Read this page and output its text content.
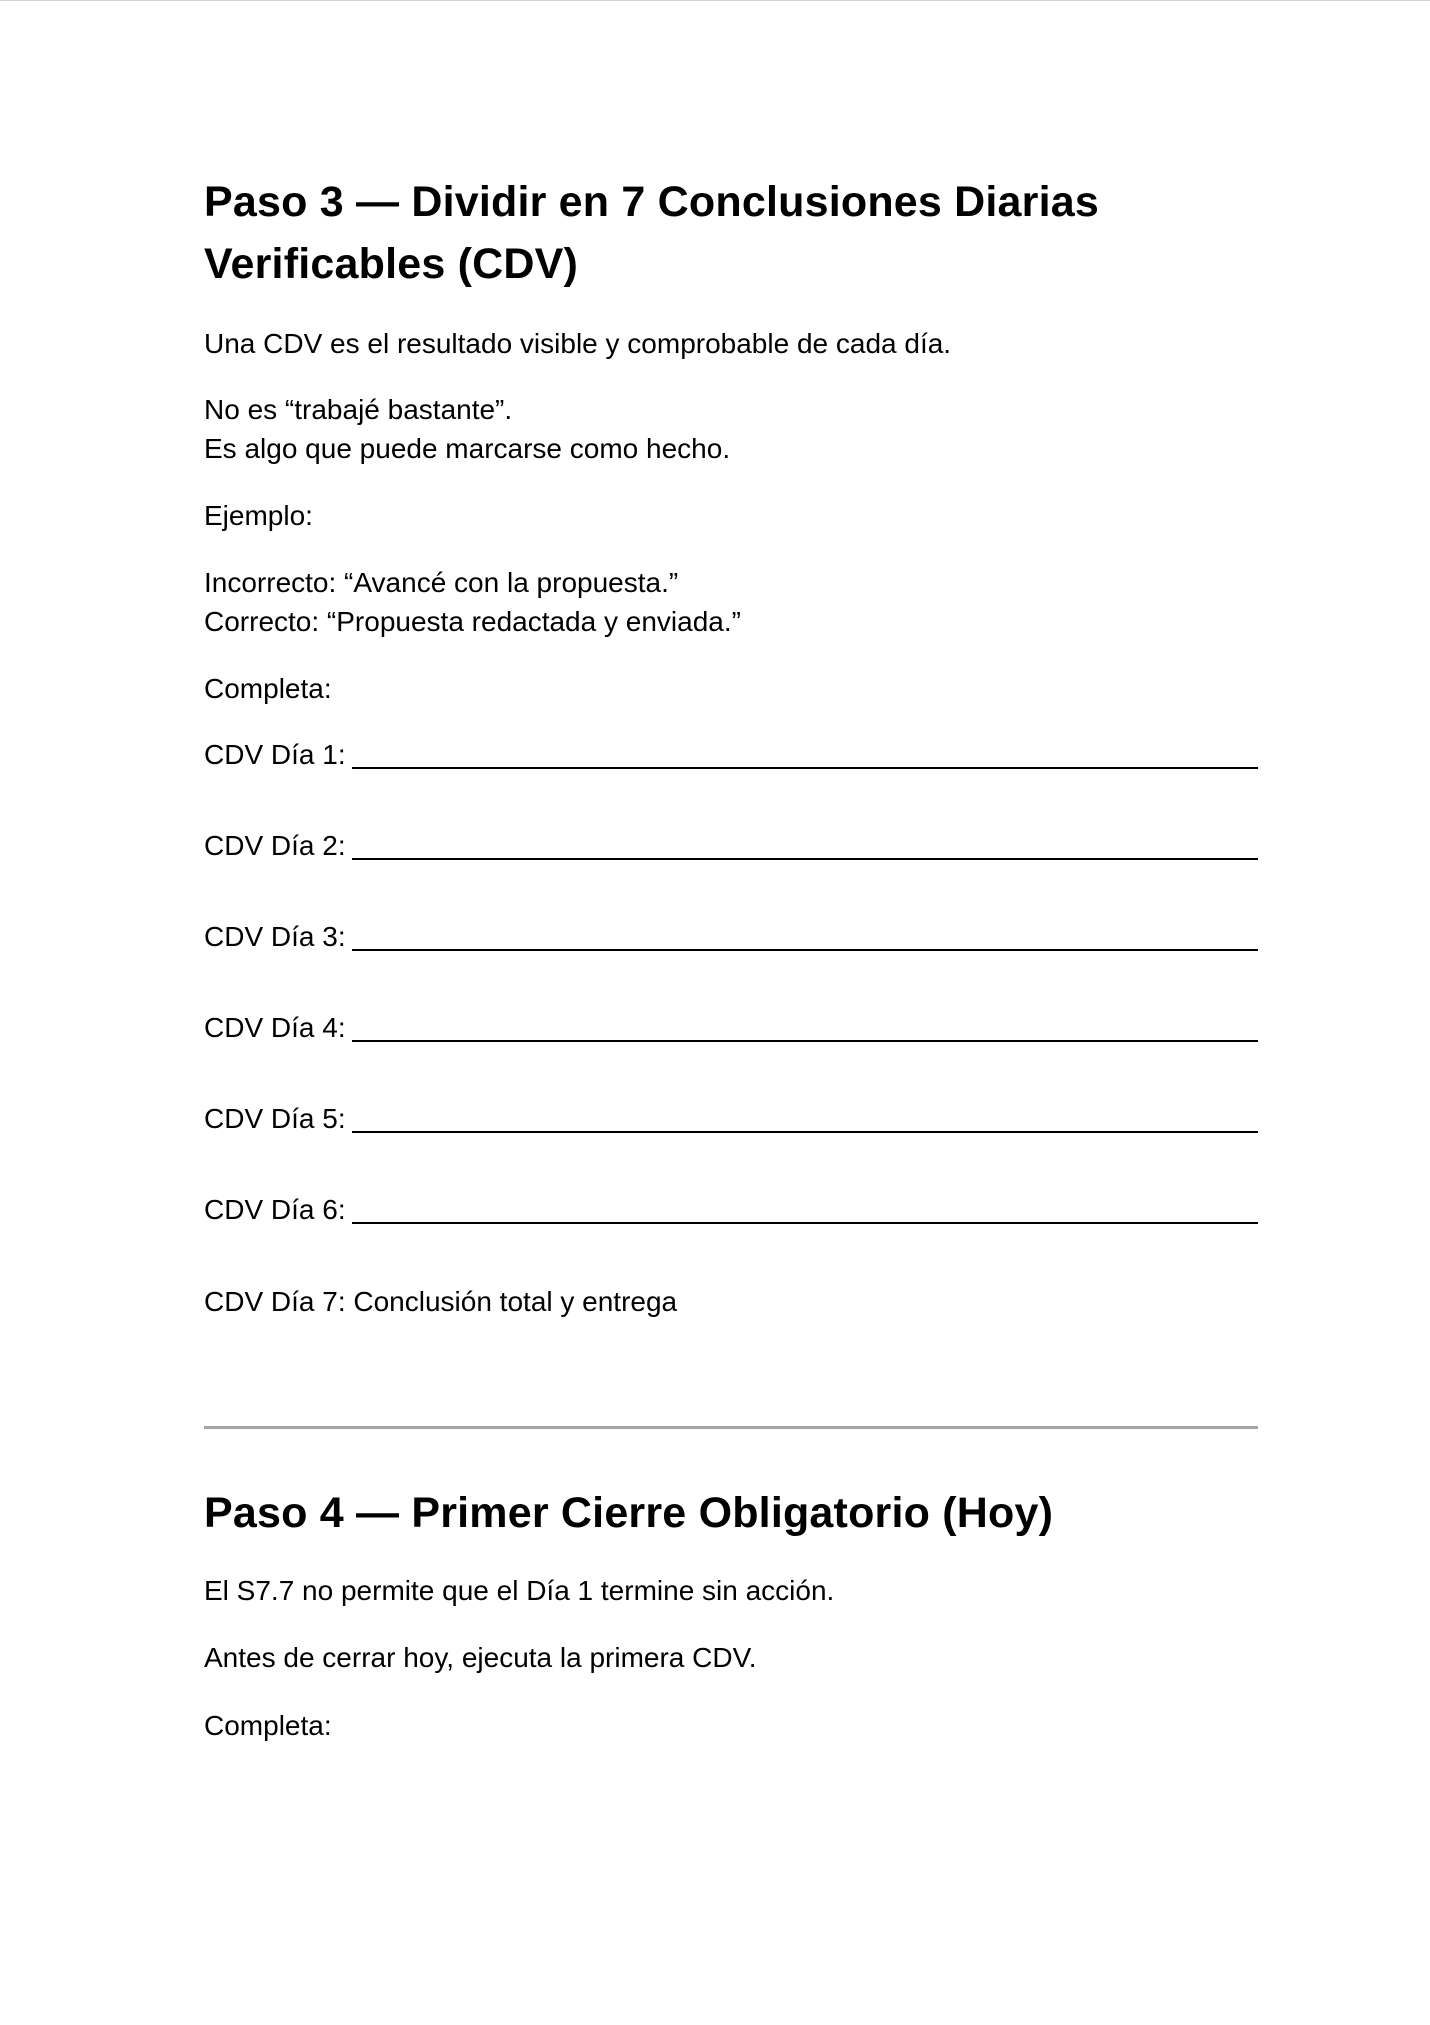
Paso 3 — Dividir en 7 Conclusiones Diarias Verificables (CDV)

Una CDV es el resultado visible y comprobable de cada día.

No es “trabajé bastante”.

Es algo que puede marcarse como hecho.

Ejemplo:

Incorrecto: “Avancé con la propuesta.”

Correcto: “Propuesta redactada y enviada.”

Completa:

CDV Día 1:
CDV Día 2:
CDV Día 3:
CDV Día 4:
CDV Día 5:
CDV Día 6:

CDV Día 7: Conclusión total y entrega

Paso 4 — Primer Cierre Obligatorio (Hoy)

El S7.7 no permite que el Día 1 termine sin acción.

Antes de cerrar hoy, ejecuta la primera CDV.

Completa:
